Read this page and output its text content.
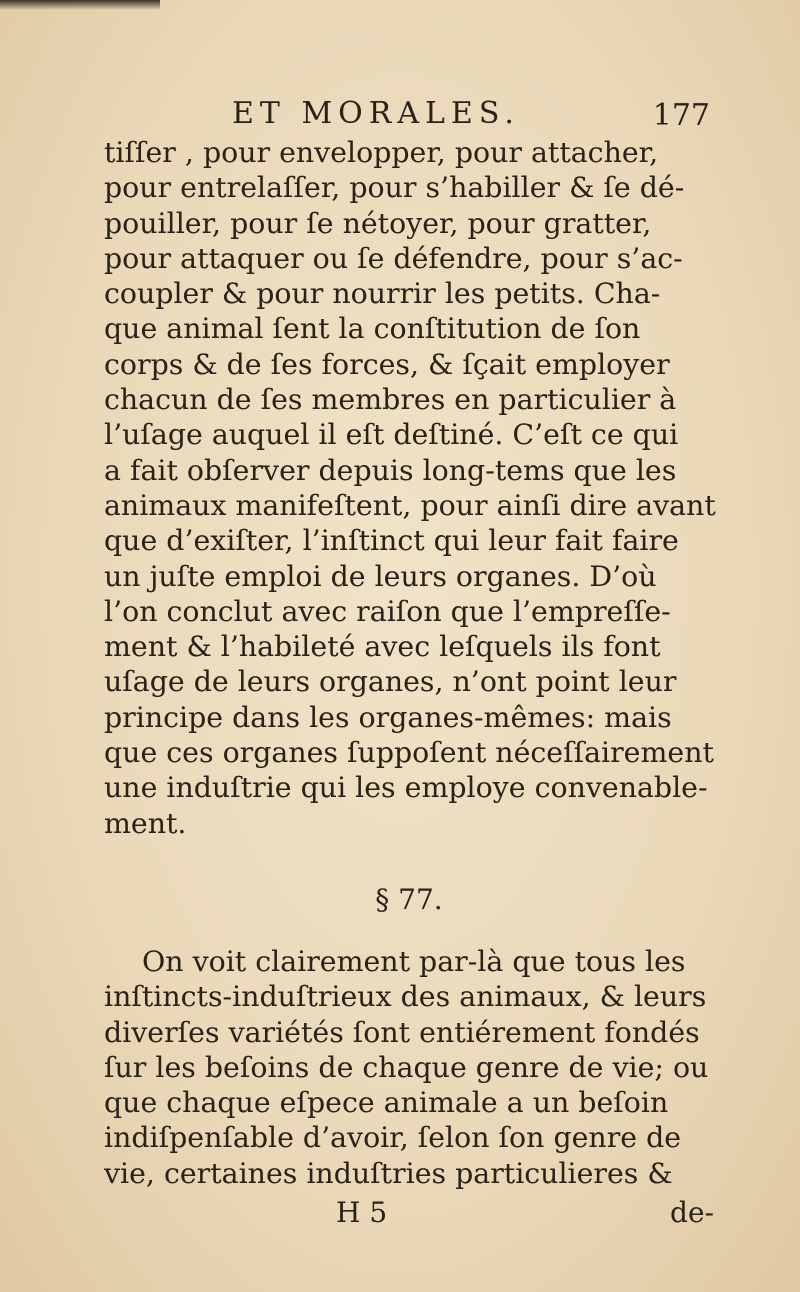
ET MORALES.	177
tiſſer , pour envelopper, pour attacher,
pour entrelaſſer, pour s’habiller & ſe dé-
pouiller, pour ſe nétoyer, pour gratter,
pour attaquer ou ſe défendre, pour s’ac-
coupler & pour nourrir les petits. Cha-
que animal ſent la conſtitution de ſon
corps & de ſes forces, & ſçait employer
chacun de ſes membres en particulier à
l’uſage auquel il eſt deſtiné. C’eſt ce qui
a fait obſerver depuis long-tems que les
animaux manifeſtent, pour ainſi dire avant
que d’exiſter, l’inſtinct qui leur fait faire
un juſte emploi de leurs organes. D’où
l’on conclut avec raiſon que l’empreſſe-
ment & l’habileté avec leſquels ils font
uſage de leurs organes, n’ont point leur
principe dans les organes-mêmes: mais
que ces organes ſuppoſent néceſſairement
une induſtrie qui les employe convenable-
ment.
§ 77.
On voit clairement par-là que tous les
inſtincts-induſtrieux des animaux, & leurs
diverſes variétés ſont entiérement fondés
ſur les beſoins de chaque genre de vie; ou
que chaque eſpece animale a un beſoin
indiſpenſable d’avoir, ſelon ſon genre de
vie, certaines induſtries particulieres &
H 5	de-
